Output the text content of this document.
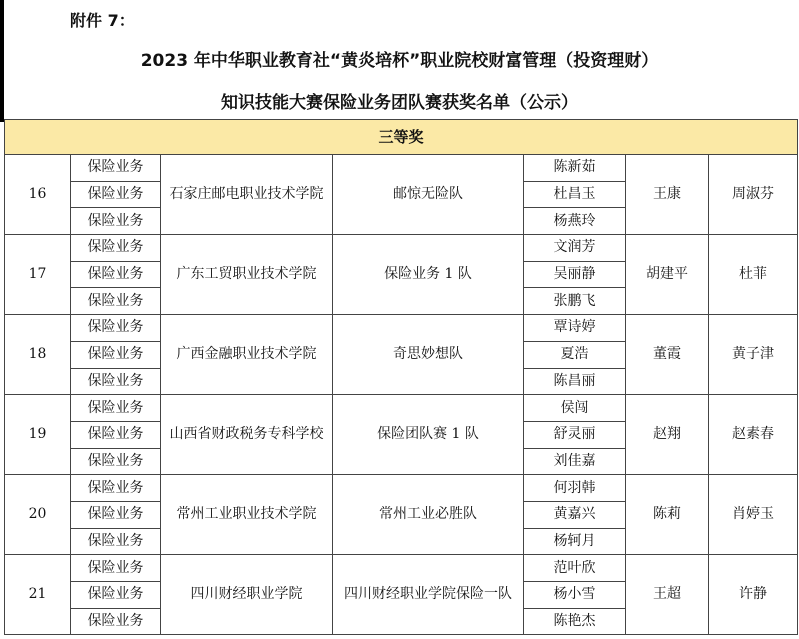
附件 7：
2023 年中华职业教育社“黄炎培杯”职业院校财富管理（投资理财）
知识技能大赛保险业务团队赛获奖名单（公示）
三等奖						
16	保险业务	石家庄邮电职业技术学院	邮惊无险队	陈新茹	王康	周淑芬
	保险业务			杜昌玉		
	保险业务			杨燕玲		
17	保险业务	广东工贸职业技术学院	保险业务 1 队	文润芳	胡建平	杜菲
	保险业务			吴丽静		
	保险业务			张鹏飞		
18	保险业务	广西金融职业技术学院	奇思妙想队	覃诗婷	董霞	黄子津
	保险业务			夏浩		
	保险业务			陈昌丽		
19	保险业务	山西省财政税务专科学校	保险团队赛 1 队	侯闯	赵翔	赵素春
	保险业务			舒灵丽		
	保险业务			刘佳嘉		
20	保险业务	常州工业职业技术学院	常州工业必胜队	何羽韩	陈莉	肖婷玉
	保险业务			黄嘉兴		
	保险业务			杨轲月		
21	保险业务	四川财经职业学院	四川财经职业学院保险一队	范叶欣	王超	许静
	保险业务			杨小雪		
	保险业务			陈艳杰		
